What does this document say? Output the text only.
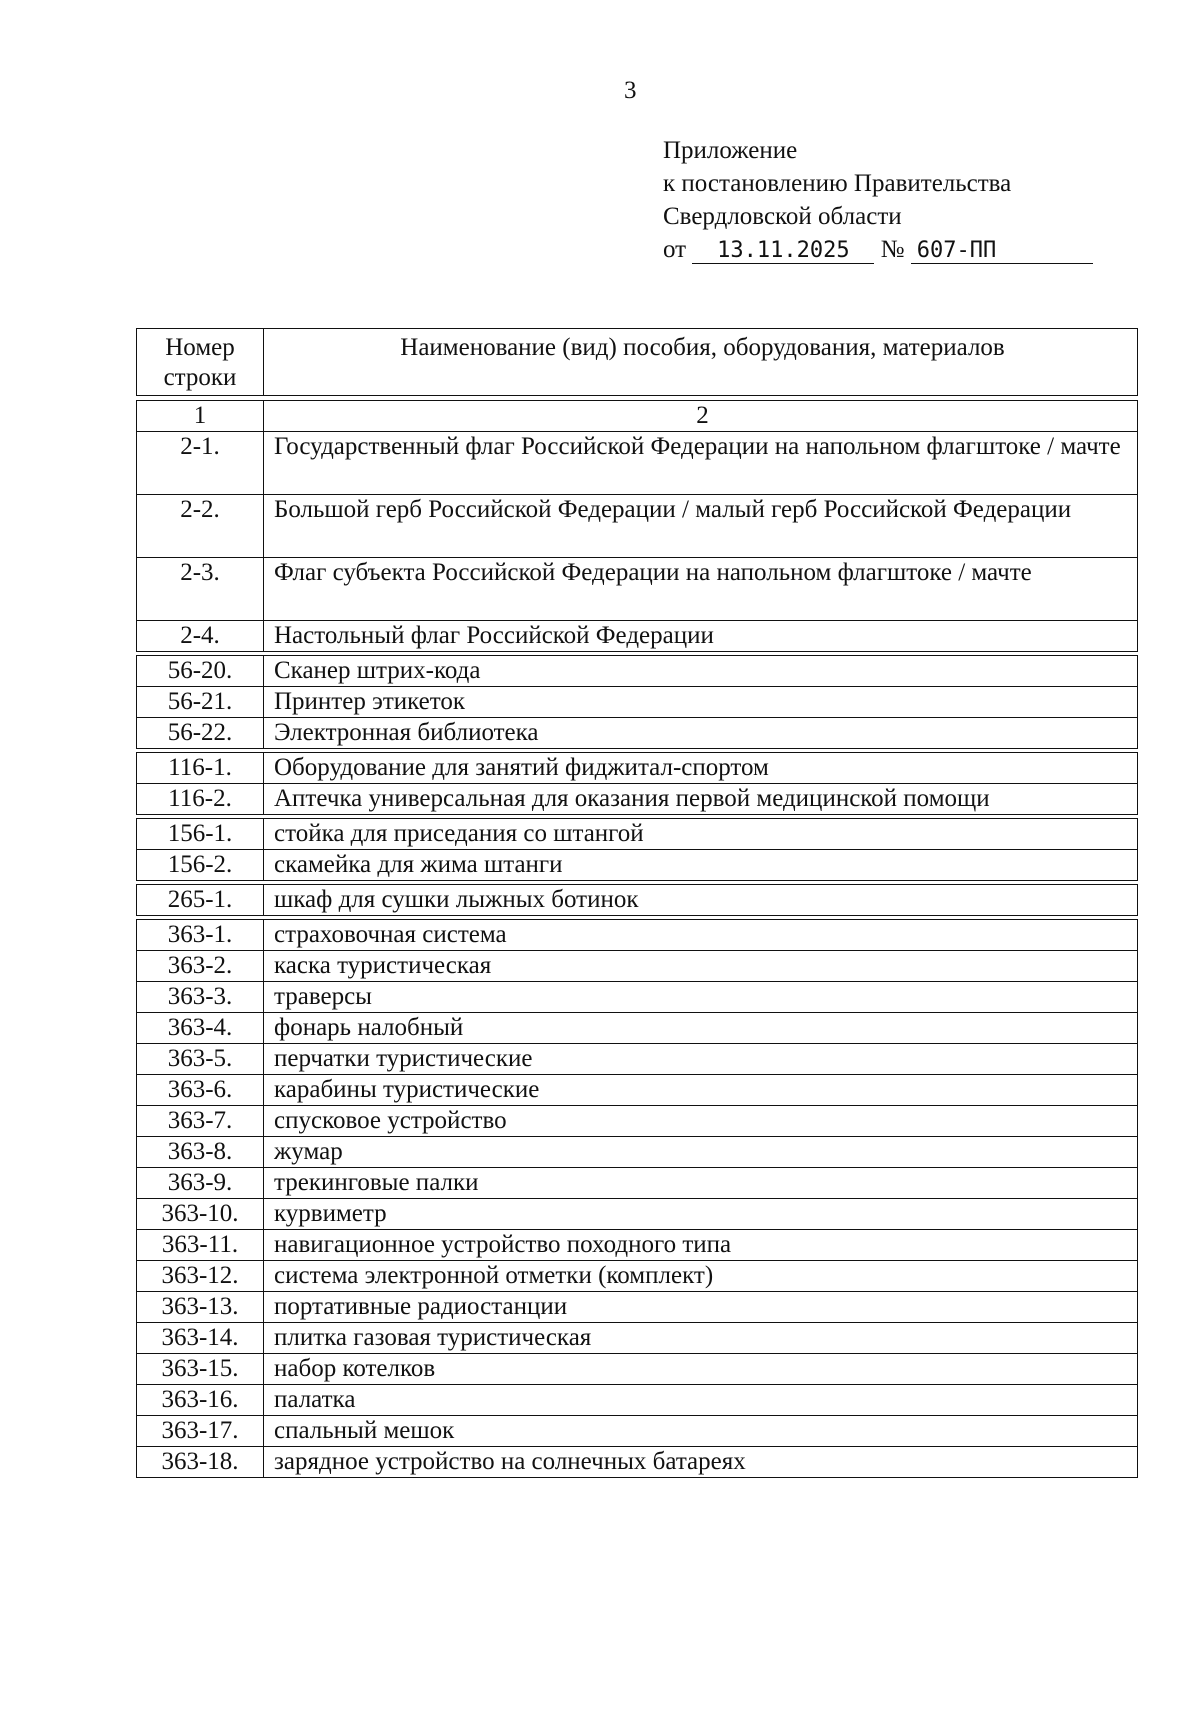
3
Приложение
к постановлению Правительства
Свердловской области
от 13.11.2025 № 607-ПП
Номер строки	Наименование (вид) пособия, оборудования, материалов
1	2
2-1.	Государственный флаг Российской Федерации на напольном флагштоке / мачте
2-2.	Большой герб Российской Федерации / малый герб Российской Федерации
2-3.	Флаг субъекта Российской Федерации на напольном флагштоке / мачте
2-4.	Настольный флаг Российской Федерации

56-20.	Сканер штрих-кода
56-21.	Принтер этикеток
56-22.	Электронная библиотека

116-1.	Оборудование для занятий фиджитал-спортом
116-2.	Аптечка универсальная для оказания первой медицинской помощи

156-1.	стойка для приседания со штангой
156-2.	скамейка для жима штанги

265-1.	шкаф для сушки лыжных ботинок

363-1.	страховочная система
363-2.	каска туристическая
363-3.	траверсы
363-4.	фонарь налобный
363-5.	перчатки туристические
363-6.	карабины туристические
363-7.	спусковое устройство
363-8.	жумар
363-9.	трекинговые палки
363-10.	курвиметр
363-11.	навигационное устройство походного типа
363-12.	система электронной отметки (комплект)
363-13.	портативные радиостанции
363-14.	плитка газовая туристическая
363-15.	набор котелков
363-16.	палатка
363-17.	спальный мешок
363-18.	зарядное устройство на солнечных батареях
